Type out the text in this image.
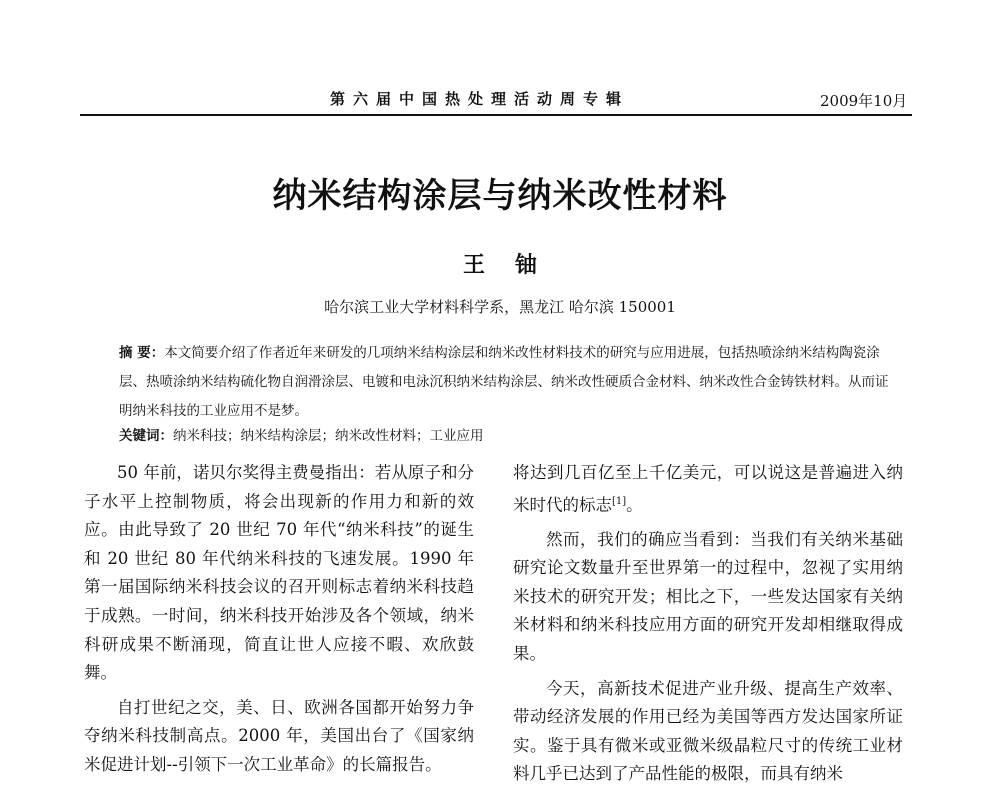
第六届中国热处理活动周专辑	2009年10月
纳米结构涂层与纳米改性材料
王铀
哈尔滨工业大学材料科学系，黑龙江 哈尔滨 150001
摘 要：本文简要介绍了作者近年来研发的几项纳米结构涂层和纳米改性材料技术的研究与应用进展，包括热喷涂纳米结构陶瓷涂层、热喷涂纳米结构硫化物自润滑涂层、电镀和电泳沉积纳米结构涂层、纳米改性硬质合金材料、纳米改性合金铸铁材料。从而证明纳米科技的工业应用不是梦。
关键词：纳米科技；纳米结构涂层；纳米改性材料；工业应用

50 年前，诺贝尔奖得主费曼指出：若从原子和分子水平上控制物质，将会出现新的作用力和新的效应。由此导致了 20 世纪 70 年代“纳米科技”的诞生和 20 世纪 80 年代纳米科技的飞速发展。1990 年第一届国际纳米科技会议的召开则标志着纳米科技趋于成熟。一时间，纳米科技开始涉及各个领域，纳米科研成果不断涌现，简直让世人应接不暇、欢欣鼓舞。

自打世纪之交，美、日、欧洲各国都开始努力争夺纳米科技制高点。2000 年，美国出台了《国家纳米促进计划--引领下一次工业革命》的长篇报告。

将达到几百亿至上千亿美元，可以说这是普遍进入纳米时代的标志[1]。

然而，我们的确应当看到：当我们有关纳米基础研究论文数量升至世界第一的过程中，忽视了实用纳米技术的研究开发；相比之下，一些发达国家有关纳米材料和纳米科技应用方面的研究开发却相继取得成果。

今天，高新技术促进产业升级、提高生产效率、带动经济发展的作用已经为美国等西方发达国家所证实。鉴于具有微米或亚微米级晶粒尺寸的传统工业材料几乎已达到了产品性能的极限，而具有纳米
